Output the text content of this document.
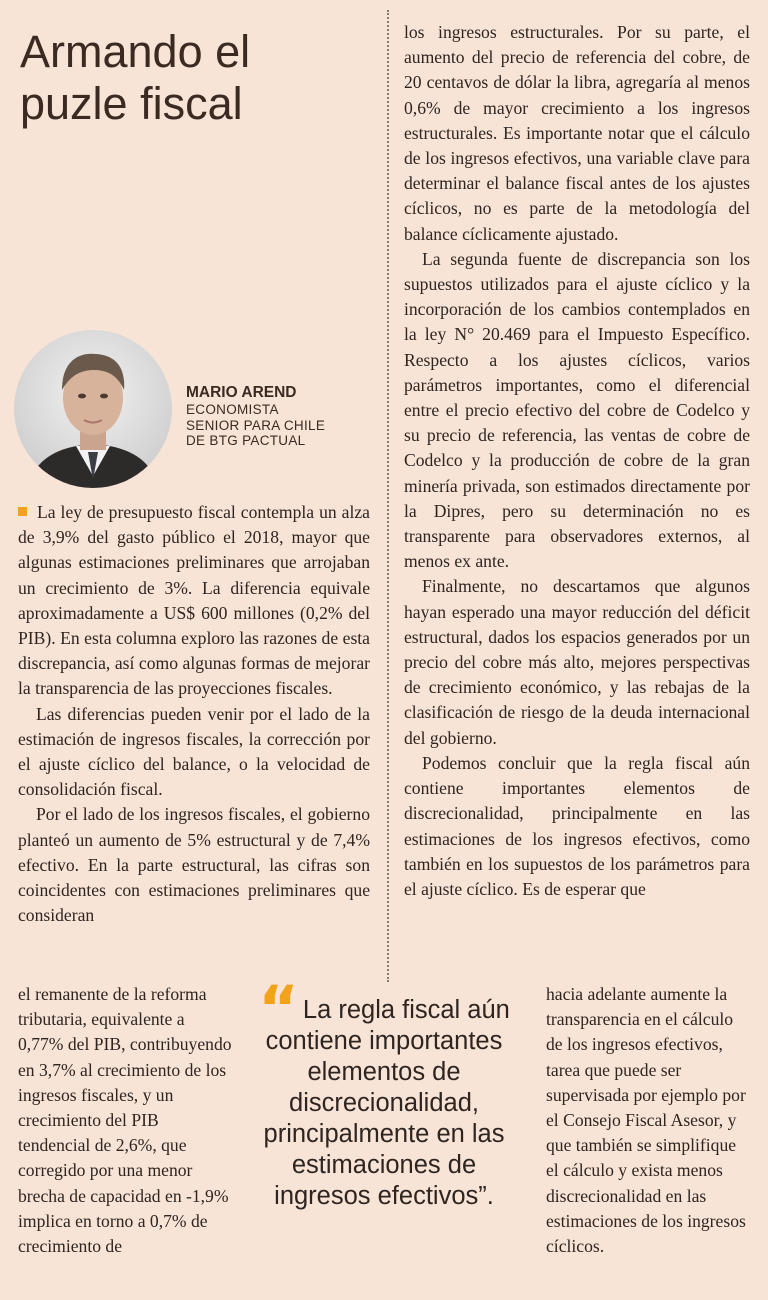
Armando el puzle fiscal
MARIO AREND
ECONOMISTA
SENIOR PARA CHILE
DE BTG PACTUAL

La ley de presupuesto fiscal contempla un alza de 3,9% del gasto público el 2018, mayor que algunas estimaciones preliminares que arrojaban un crecimiento de 3%. La diferencia equivale aproximadamente a US$ 600 millones (0,2% del PIB). En esta columna exploro las razones de esta discrepancia, así como algunas formas de mejorar la transparencia de las proyecciones fiscales.

Las diferencias pueden venir por el lado de la estimación de ingresos fiscales, la corrección por el ajuste cíclico del balance, o la velocidad de consolidación fiscal.

Por el lado de los ingresos fiscales, el gobierno planteó un aumento de 5% estructural y de 7,4% efectivo. En la parte estructural, las cifras son coincidentes con estimaciones preliminares que consideran

el remanente de la reforma tributaria, equivalente a 0,77% del PIB, contribuyendo en 3,7% al crecimiento de los ingresos fiscales, y un crecimiento del PIB tendencial de 2,6%, que corregido por una menor brecha de capacidad en -1,9% implica en torno a 0,7% de crecimiento de

los ingresos estructurales. Por su parte, el aumento del precio de referencia del cobre, de 20 centavos de dólar la libra, agregaría al menos 0,6% de mayor crecimiento a los ingresos estructurales. Es importante notar que el cálculo de los ingresos efectivos, una variable clave para determinar el balance fiscal antes de los ajustes cíclicos, no es parte de la metodología del balance cíclicamente ajustado.

La segunda fuente de discrepancia son los supuestos utilizados para el ajuste cíclico y la incorporación de los cambios contemplados en la ley N° 20.469 para el Impuesto Específico. Respecto a los ajustes cíclicos, varios parámetros importantes, como el diferencial entre el precio efectivo del cobre de Codelco y su precio de referencia, las ventas de cobre de Codelco y la producción de cobre de la gran minería privada, son estimados directamente por la Dipres, pero su determinación no es transparente para observadores externos, al menos ex ante.

Finalmente, no descartamos que algunos hayan esperado una mayor reducción del déficit estructural, dados los espacios generados por un precio del cobre más alto, mejores perspectivas de crecimiento económico, y las rebajas de la clasificación de riesgo de la deuda internacional del gobierno.

Podemos concluir que la regla fiscal aún contiene importantes elementos de discrecionalidad, principalmente en las estimaciones de los ingresos efectivos, como también en los supuestos de los parámetros para el ajuste cíclico. Es de esperar que

hacia adelante aumente la transparencia en el cálculo de los ingresos efectivos, tarea que puede ser supervisada por ejemplo por el Consejo Fiscal Asesor, y que también se simplifique el cálculo y exista menos discrecionalidad en las estimaciones de los ingresos cíclicos.

“ La regla fiscal aún contiene importantes elementos de discrecionalidad, principalmente en las estimaciones de ingresos efectivos”.
